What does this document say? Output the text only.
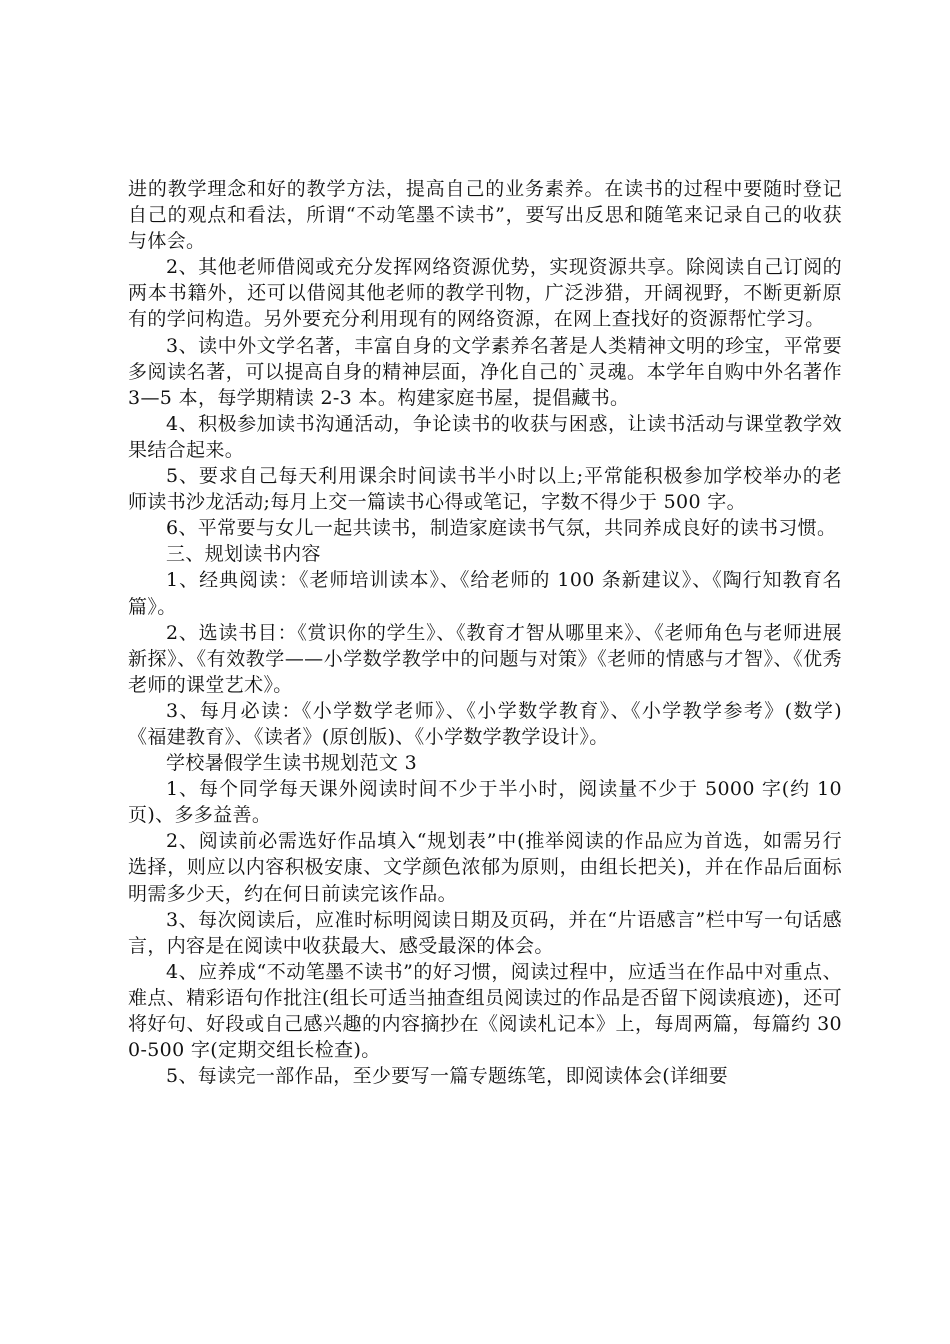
进的教学理念和好的教学方法，提高自己的业务素养。在读书的过程中要随时登记自己的观点和看法，所谓“不动笔墨不读书”，要写出反思和随笔来记录自己的收获与体会。

2、其他老师借阅或充分发挥网络资源优势，实现资源共享。除阅读自己订阅的两本书籍外，还可以借阅其他老师的教学刊物，广泛涉猎，开阔视野，不断更新原有的学问构造。另外要充分利用现有的网络资源，在网上查找好的资源帮忙学习。

3、读中外文学名著，丰富自身的文学素养名著是人类精神文明的珍宝，平常要多阅读名著，可以提高自身的精神层面，净化自己的`灵魂。本学年自购中外名著作 3—5 本，每学期精读 2-3 本。构建家庭书屋，提倡藏书。

4、积极参加读书沟通活动，争论读书的收获与困惑，让读书活动与课堂教学效果结合起来。

5、要求自己每天利用课余时间读书半小时以上;平常能积极参加学校举办的老师读书沙龙活动;每月上交一篇读书心得或笔记，字数不得少于 500 字。

6、平常要与女儿一起共读书，制造家庭读书气氛，共同养成良好的读书习惯。

三、规划读书内容

1、经典阅读：《老师培训读本》、《给老师的 100 条新建议》、《陶行知教育名篇》。

2、选读书目：《赏识你的学生》、《教育才智从哪里来》、《老师角色与老师进展新探》、《有效教学——小学数学教学中的问题与对策》《老师的情感与才智》、《优秀老师的课堂艺术》。

3、每月必读：《小学数学老师》、《小学数学教育》、《小学教学参考》(数学)《福建教育》、《读者》(原创版)、《小学数学教学设计》。

学校暑假学生读书规划范文 3

1、每个同学每天课外阅读时间不少于半小时，阅读量不少于 5000 字(约 10 页)、多多益善。

2、阅读前必需选好作品填入“规划表”中(推举阅读的作品应为首选，如需另行选择，则应以内容积极安康、文学颜色浓郁为原则，由组长把关)，并在作品后面标明需多少天，约在何日前读完该作品。

3、每次阅读后，应准时标明阅读日期及页码，并在“片语感言”栏中写一句话感言，内容是在阅读中收获最大、感受最深的体会。

4、应养成“不动笔墨不读书”的好习惯，阅读过程中，应适当在作品中对重点、难点、精彩语句作批注(组长可适当抽查组员阅读过的作品是否留下阅读痕迹)，还可将好句、好段或自己感兴趣的内容摘抄在《阅读札记本》上，每周两篇，每篇约 300-500 字(定期交组长检查)。

5、每读完一部作品，至少要写一篇专题练笔，即阅读体会(详细要
